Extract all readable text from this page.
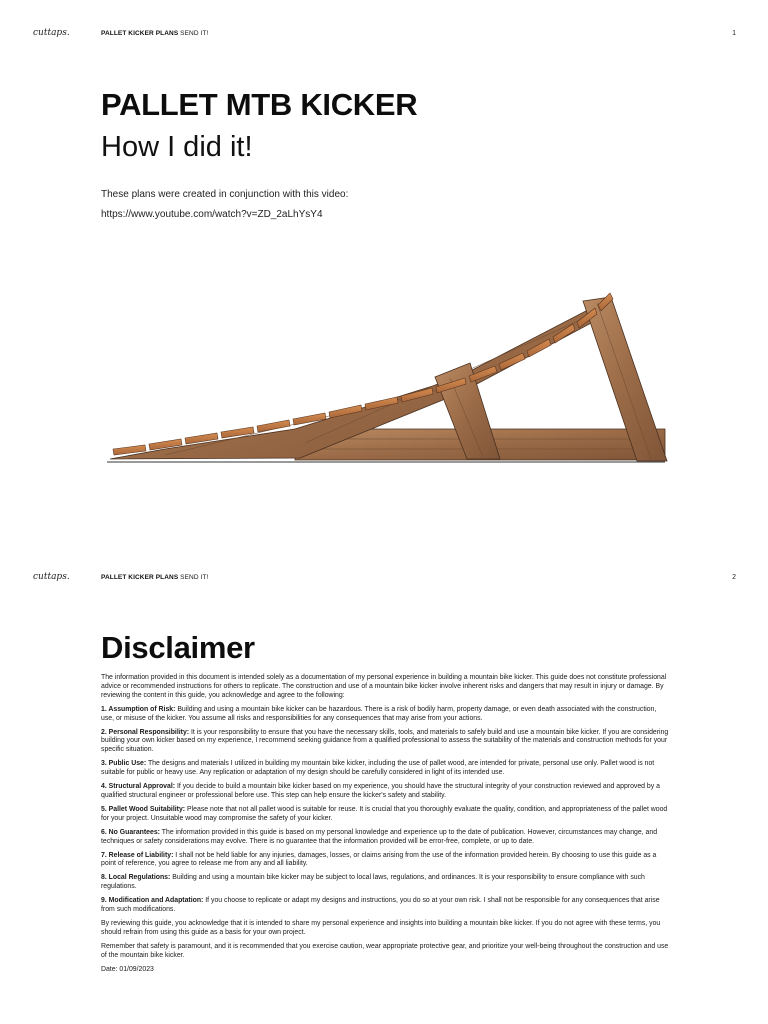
cuttaps.	PALLET KICKER PLANS SEND IT!	1
PALLET MTB KICKER
How I did it!

These plans were created in conjunction with this video:

https://www.youtube.com/watch?v=ZD_2aLhYsY4
cuttaps.	PALLET KICKER PLANS SEND IT!	2
Disclaimer

The information provided in this document is intended solely as a documentation of my personal experience in building a mountain bike kicker. This guide does not constitute professional advice or recommended instructions for others to replicate. The construction and use of a mountain bike kicker involve inherent risks and dangers that may result in injury or damage. By reviewing the content in this guide, you acknowledge and agree to the following:

1. Assumption of Risk: Building and using a mountain bike kicker can be hazardous. There is a risk of bodily harm, property damage, or even death associated with the construction, use, or misuse of the kicker. You assume all risks and responsibilities for any consequences that may arise from your actions.

2. Personal Responsibility: It is your responsibility to ensure that you have the necessary skills, tools, and materials to safely build and use a mountain bike kicker. If you are considering building your own kicker based on my experience, I recommend seeking guidance from a qualified professional to assess the suitability of the materials and construction methods for your specific situation.

3. Public Use: The designs and materials I utilized in building my mountain bike kicker, including the use of pallet wood, are intended for private, personal use only. Pallet wood is not suitable for public or heavy use. Any replication or adaptation of my design should be carefully considered in light of its intended use.

4. Structural Approval: If you decide to build a mountain bike kicker based on my experience, you should have the structural integrity of your construction reviewed and approved by a qualified structural engineer or professional before use. This step can help ensure the kicker's safety and stability.

5. Pallet Wood Suitability: Please note that not all pallet wood is suitable for reuse. It is crucial that you thoroughly evaluate the quality, condition, and appropriateness of the pallet wood for your project. Unsuitable wood may compromise the safety of your kicker.

6. No Guarantees: The information provided in this guide is based on my personal knowledge and experience up to the date of publication. However, circumstances may change, and techniques or safety considerations may evolve. There is no guarantee that the information provided will be error-free, complete, or up to date.

7. Release of Liability: I shall not be held liable for any injuries, damages, losses, or claims arising from the use of the information provided herein. By choosing to use this guide as a point of reference, you agree to release me from any and all liability.

8. Local Regulations: Building and using a mountain bike kicker may be subject to local laws, regulations, and ordinances. It is your responsibility to ensure compliance with such regulations.

9. Modification and Adaptation: If you choose to replicate or adapt my designs and instructions, you do so at your own risk. I shall not be responsible for any consequences that arise from such modifications.

By reviewing this guide, you acknowledge that it is intended to share my personal experience and insights into building a mountain bike kicker. If you do not agree with these terms, you should refrain from using this guide as a basis for your own project.

Remember that safety is paramount, and it is recommended that you exercise caution, wear appropriate protective gear, and prioritize your well-being throughout the construction and use of the mountain bike kicker.

Date: 01/09/2023
